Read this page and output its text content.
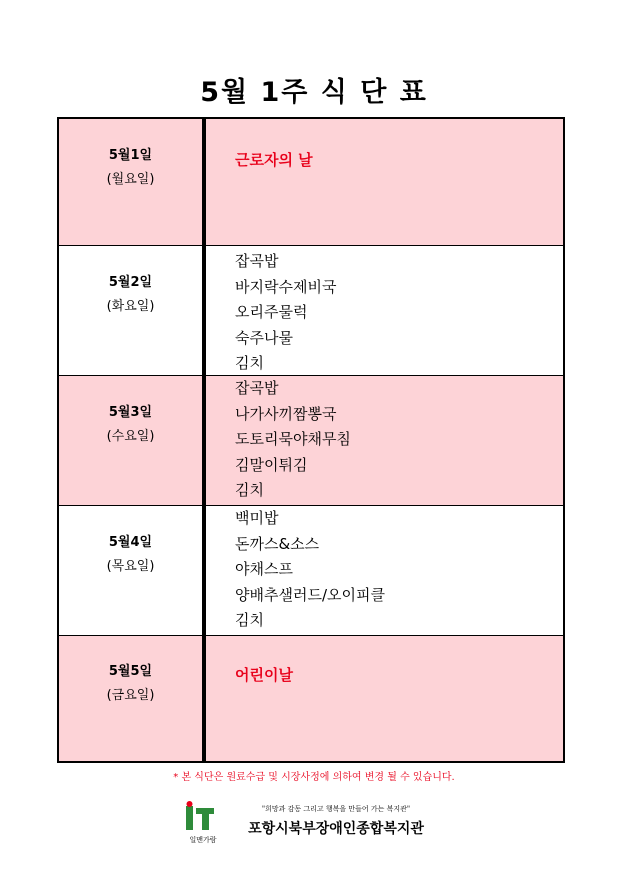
5월 1주 식 단 표
5월1일
(월요일)
근로자의 날
5월2일
(화요일)
잡곡밥
바지락수제비국
오리주물럭
숙주나물
김치
5월3일
(수요일)
잡곡밥
나가사끼짬뽕국
도토리묵야채무침
김말이튀김
김치
5월4일
(목요일)
백미밥
돈까스&소스
야채스프
양배추샐러드/오이피클
김치
5월5일
(금요일)
어린이날

* 본 식단은 원료수급 및 시장사정에 의하여 변경 될 수 있습니다.

일맨가람
"희망과 감동 그리고 행복을 만들어 가는 복지관"
포항시북부장애인종합복지관
